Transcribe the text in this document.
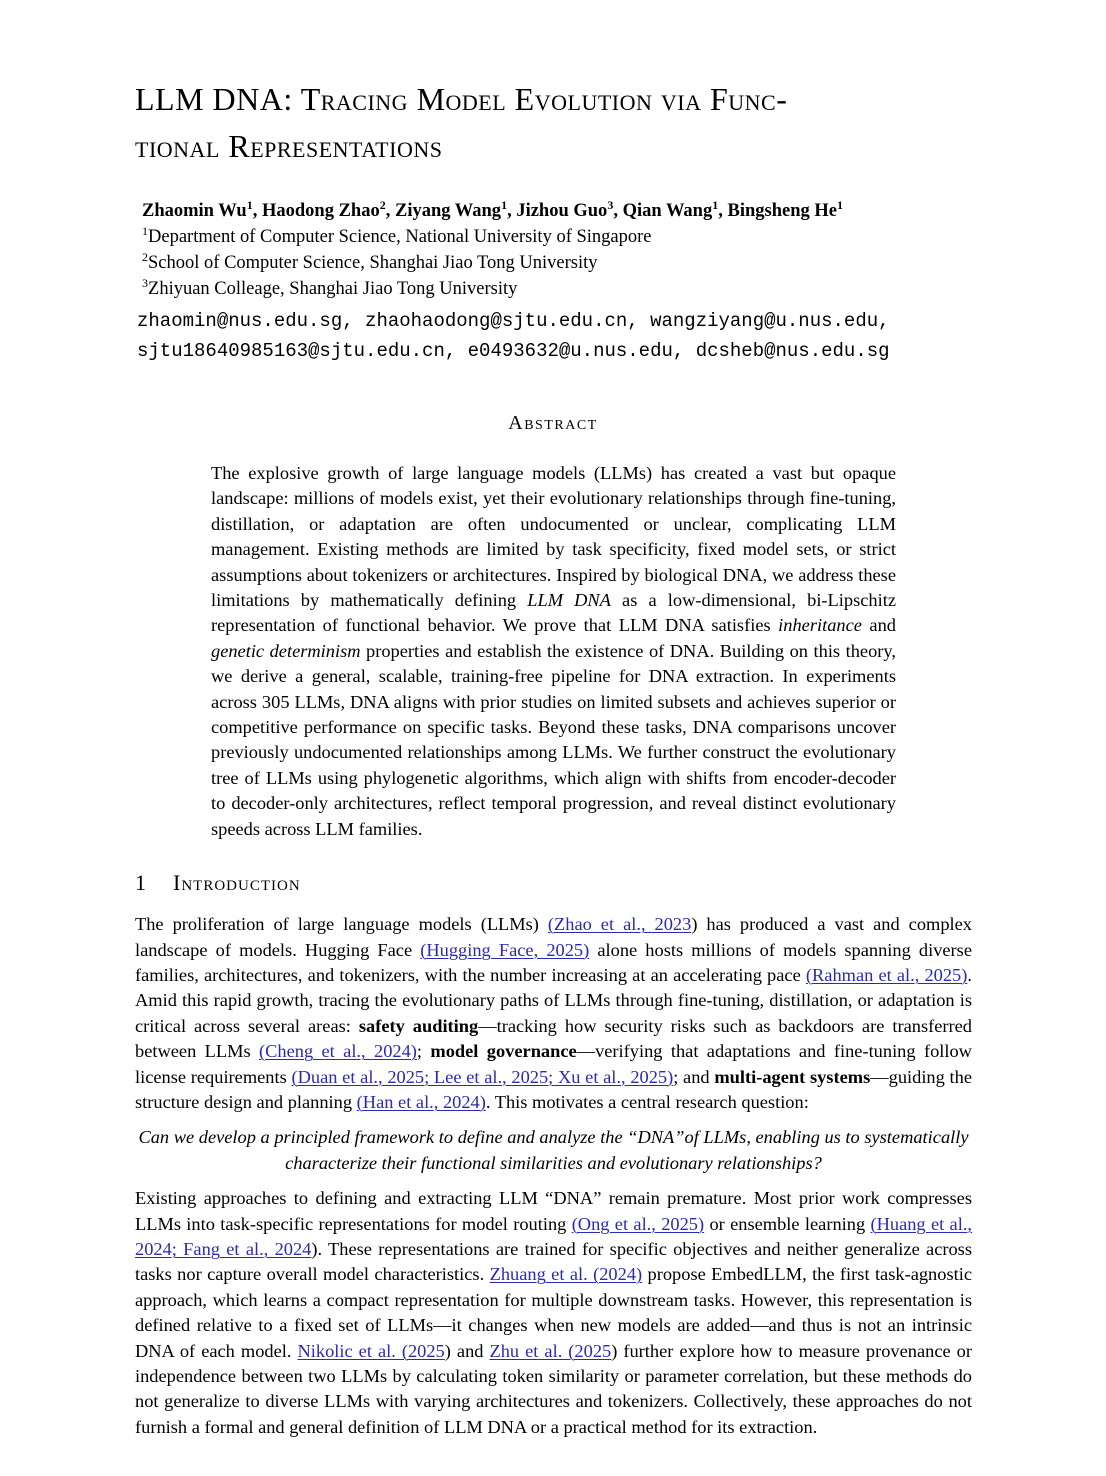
LLM DNA: Tracing Model Evolution via Func-
tional Representations
Zhaomin Wu$^1$, Haodong Zhao$^2$, Ziyang Wang$^1$, Jizhou Guo$^3$, Qian Wang$^1$, Bingsheng He$^1$
$^1$Department of Computer Science, National University of Singapore
$^2$School of Computer Science, Shanghai Jiao Tong University
$^3$Zhiyuan Colleage, Shanghai Jiao Tong University
zhaomin@nus.edu.sg, zhaohaodong@sjtu.edu.cn, wangziyang@u.nus.edu,
sjtu18640985163@sjtu.edu.cn, e0493632@u.nus.edu, dcsheb@nus.edu.sg
Abstract

The explosive growth of large language models (LLMs) has created a vast but opaque landscape: millions of models exist, yet their evolutionary relationships through fine-tuning, distillation, or adaptation are often undocumented or unclear, complicating LLM management. Existing methods are limited by task specificity, fixed model sets, or strict assumptions about tokenizers or architectures. Inspired by biological DNA, we address these limitations by mathematically defining LLM DNA as a low-dimensional, bi-Lipschitz representation of functional behavior. We prove that LLM DNA satisfies inheritance and genetic determinism properties and establish the existence of DNA. Building on this theory, we derive a general, scalable, training-free pipeline for DNA extraction. In experiments across 305 LLMs, DNA aligns with prior studies on limited subsets and achieves superior or competitive performance on specific tasks. Beyond these tasks, DNA comparisons uncover previously undocumented relationships among LLMs. We further construct the evolutionary tree of LLMs using phylogenetic algorithms, which align with shifts from encoder-decoder to decoder-only architectures, reflect temporal progression, and reveal distinct evolutionary speeds across LLM families.

1 Introduction

The proliferation of large language models (LLMs) (Zhao et al., 2023) has produced a vast and complex landscape of models. Hugging Face (Hugging Face, 2025) alone hosts millions of models spanning diverse families, architectures, and tokenizers, with the number increasing at an accelerating pace (Rahman et al., 2025). Amid this rapid growth, tracing the evolutionary paths of LLMs through fine-tuning, distillation, or adaptation is critical across several areas: safety auditing—tracking how security risks such as backdoors are transferred between LLMs (Cheng et al., 2024); model governance—verifying that adaptations and fine-tuning follow license requirements (Duan et al., 2025; Lee et al., 2025; Xu et al., 2025); and multi-agent systems—guiding the structure design and planning (Han et al., 2024). This motivates a central research question:

Can we develop a principled framework to define and analyze the “DNA”of LLMs, enabling us to systematically characterize their functional similarities and evolutionary relationships?

Existing approaches to defining and extracting LLM “DNA” remain premature. Most prior work compresses LLMs into task-specific representations for model routing (Ong et al., 2025) or ensemble learning (Huang et al., 2024; Fang et al., 2024). These representations are trained for specific objectives and neither generalize across tasks nor capture overall model characteristics. Zhuang et al. (2024) propose EmbedLLM, the first task-agnostic approach, which learns a compact representation for multiple downstream tasks. However, this representation is defined relative to a fixed set of LLMs—it changes when new models are added—and thus is not an intrinsic DNA of each model. Nikolic et al. (2025) and Zhu et al. (2025) further explore how to measure provenance or independence between two LLMs by calculating token similarity or parameter correlation, but these methods do not generalize to diverse LLMs with varying architectures and tokenizers. Collectively, these approaches do not furnish a formal and general definition of LLM DNA or a practical method for its extraction.
